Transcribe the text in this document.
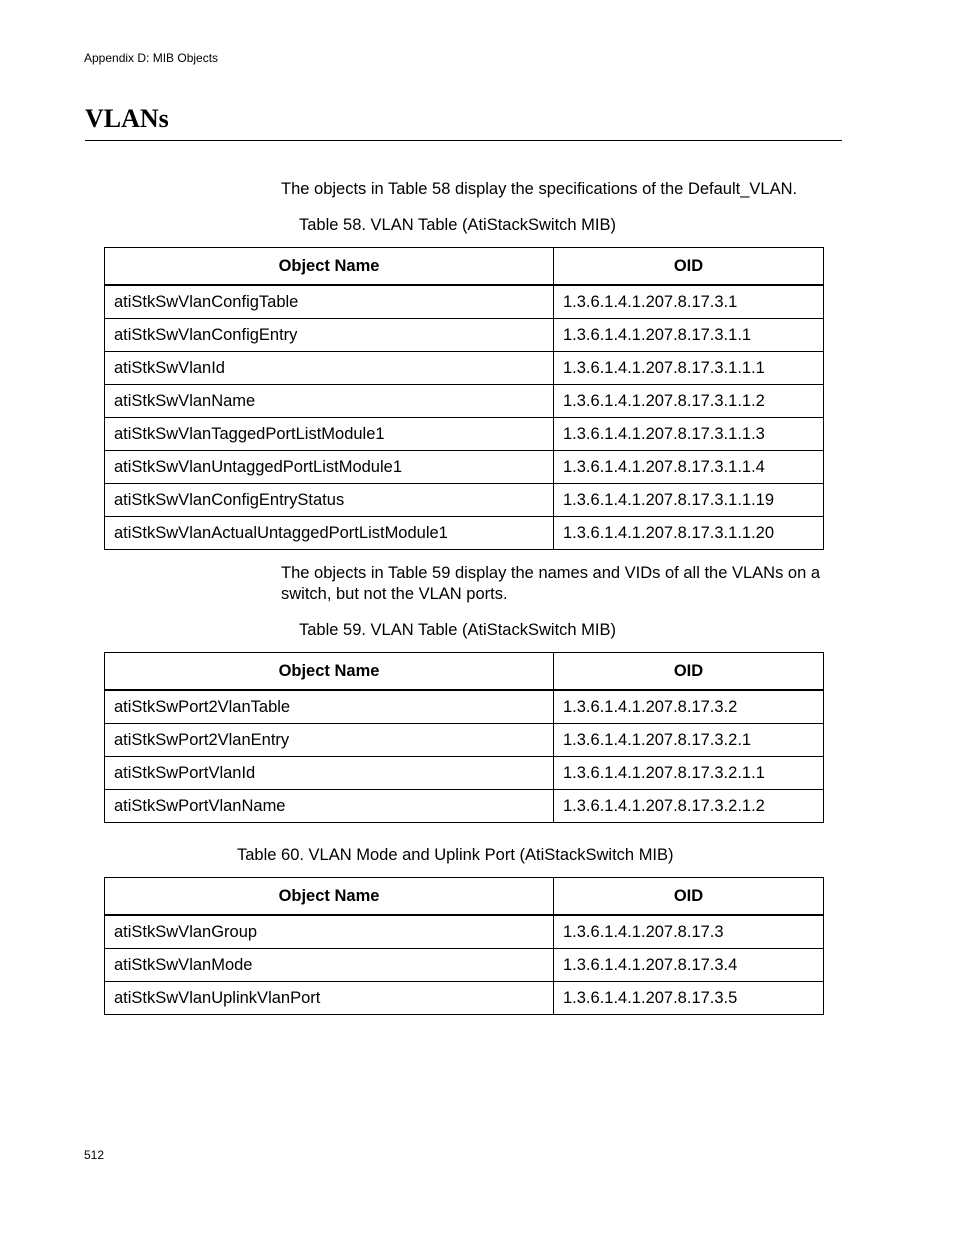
Appendix D: MIB Objects
VLANs

The objects in Table 58 display the specifications of the Default_VLAN.

Table 58. VLAN Table (AtiStackSwitch MIB)

Object Name	OID
atiStkSwVlanConfigTable	1.3.6.1.4.1.207.8.17.3.1
atiStkSwVlanConfigEntry	1.3.6.1.4.1.207.8.17.3.1.1
atiStkSwVlanId	1.3.6.1.4.1.207.8.17.3.1.1.1
atiStkSwVlanName	1.3.6.1.4.1.207.8.17.3.1.1.2
atiStkSwVlanTaggedPortListModule1	1.3.6.1.4.1.207.8.17.3.1.1.3
atiStkSwVlanUntaggedPortListModule1	1.3.6.1.4.1.207.8.17.3.1.1.4
atiStkSwVlanConfigEntryStatus	1.3.6.1.4.1.207.8.17.3.1.1.19
atiStkSwVlanActualUntaggedPortListModule1	1.3.6.1.4.1.207.8.17.3.1.1.20

The objects in Table 59 display the names and VIDs of all the VLANs on a switch, but not the VLAN ports.

Table 59. VLAN Table (AtiStackSwitch MIB)

Object Name	OID
atiStkSwPort2VlanTable	1.3.6.1.4.1.207.8.17.3.2
atiStkSwPort2VlanEntry	1.3.6.1.4.1.207.8.17.3.2.1
atiStkSwPortVlanId	1.3.6.1.4.1.207.8.17.3.2.1.1
atiStkSwPortVlanName	1.3.6.1.4.1.207.8.17.3.2.1.2

Table 60. VLAN Mode and Uplink Port (AtiStackSwitch MIB)

Object Name	OID
atiStkSwVlanGroup	1.3.6.1.4.1.207.8.17.3
atiStkSwVlanMode	1.3.6.1.4.1.207.8.17.3.4
atiStkSwVlanUplinkVlanPort	1.3.6.1.4.1.207.8.17.3.5
512
